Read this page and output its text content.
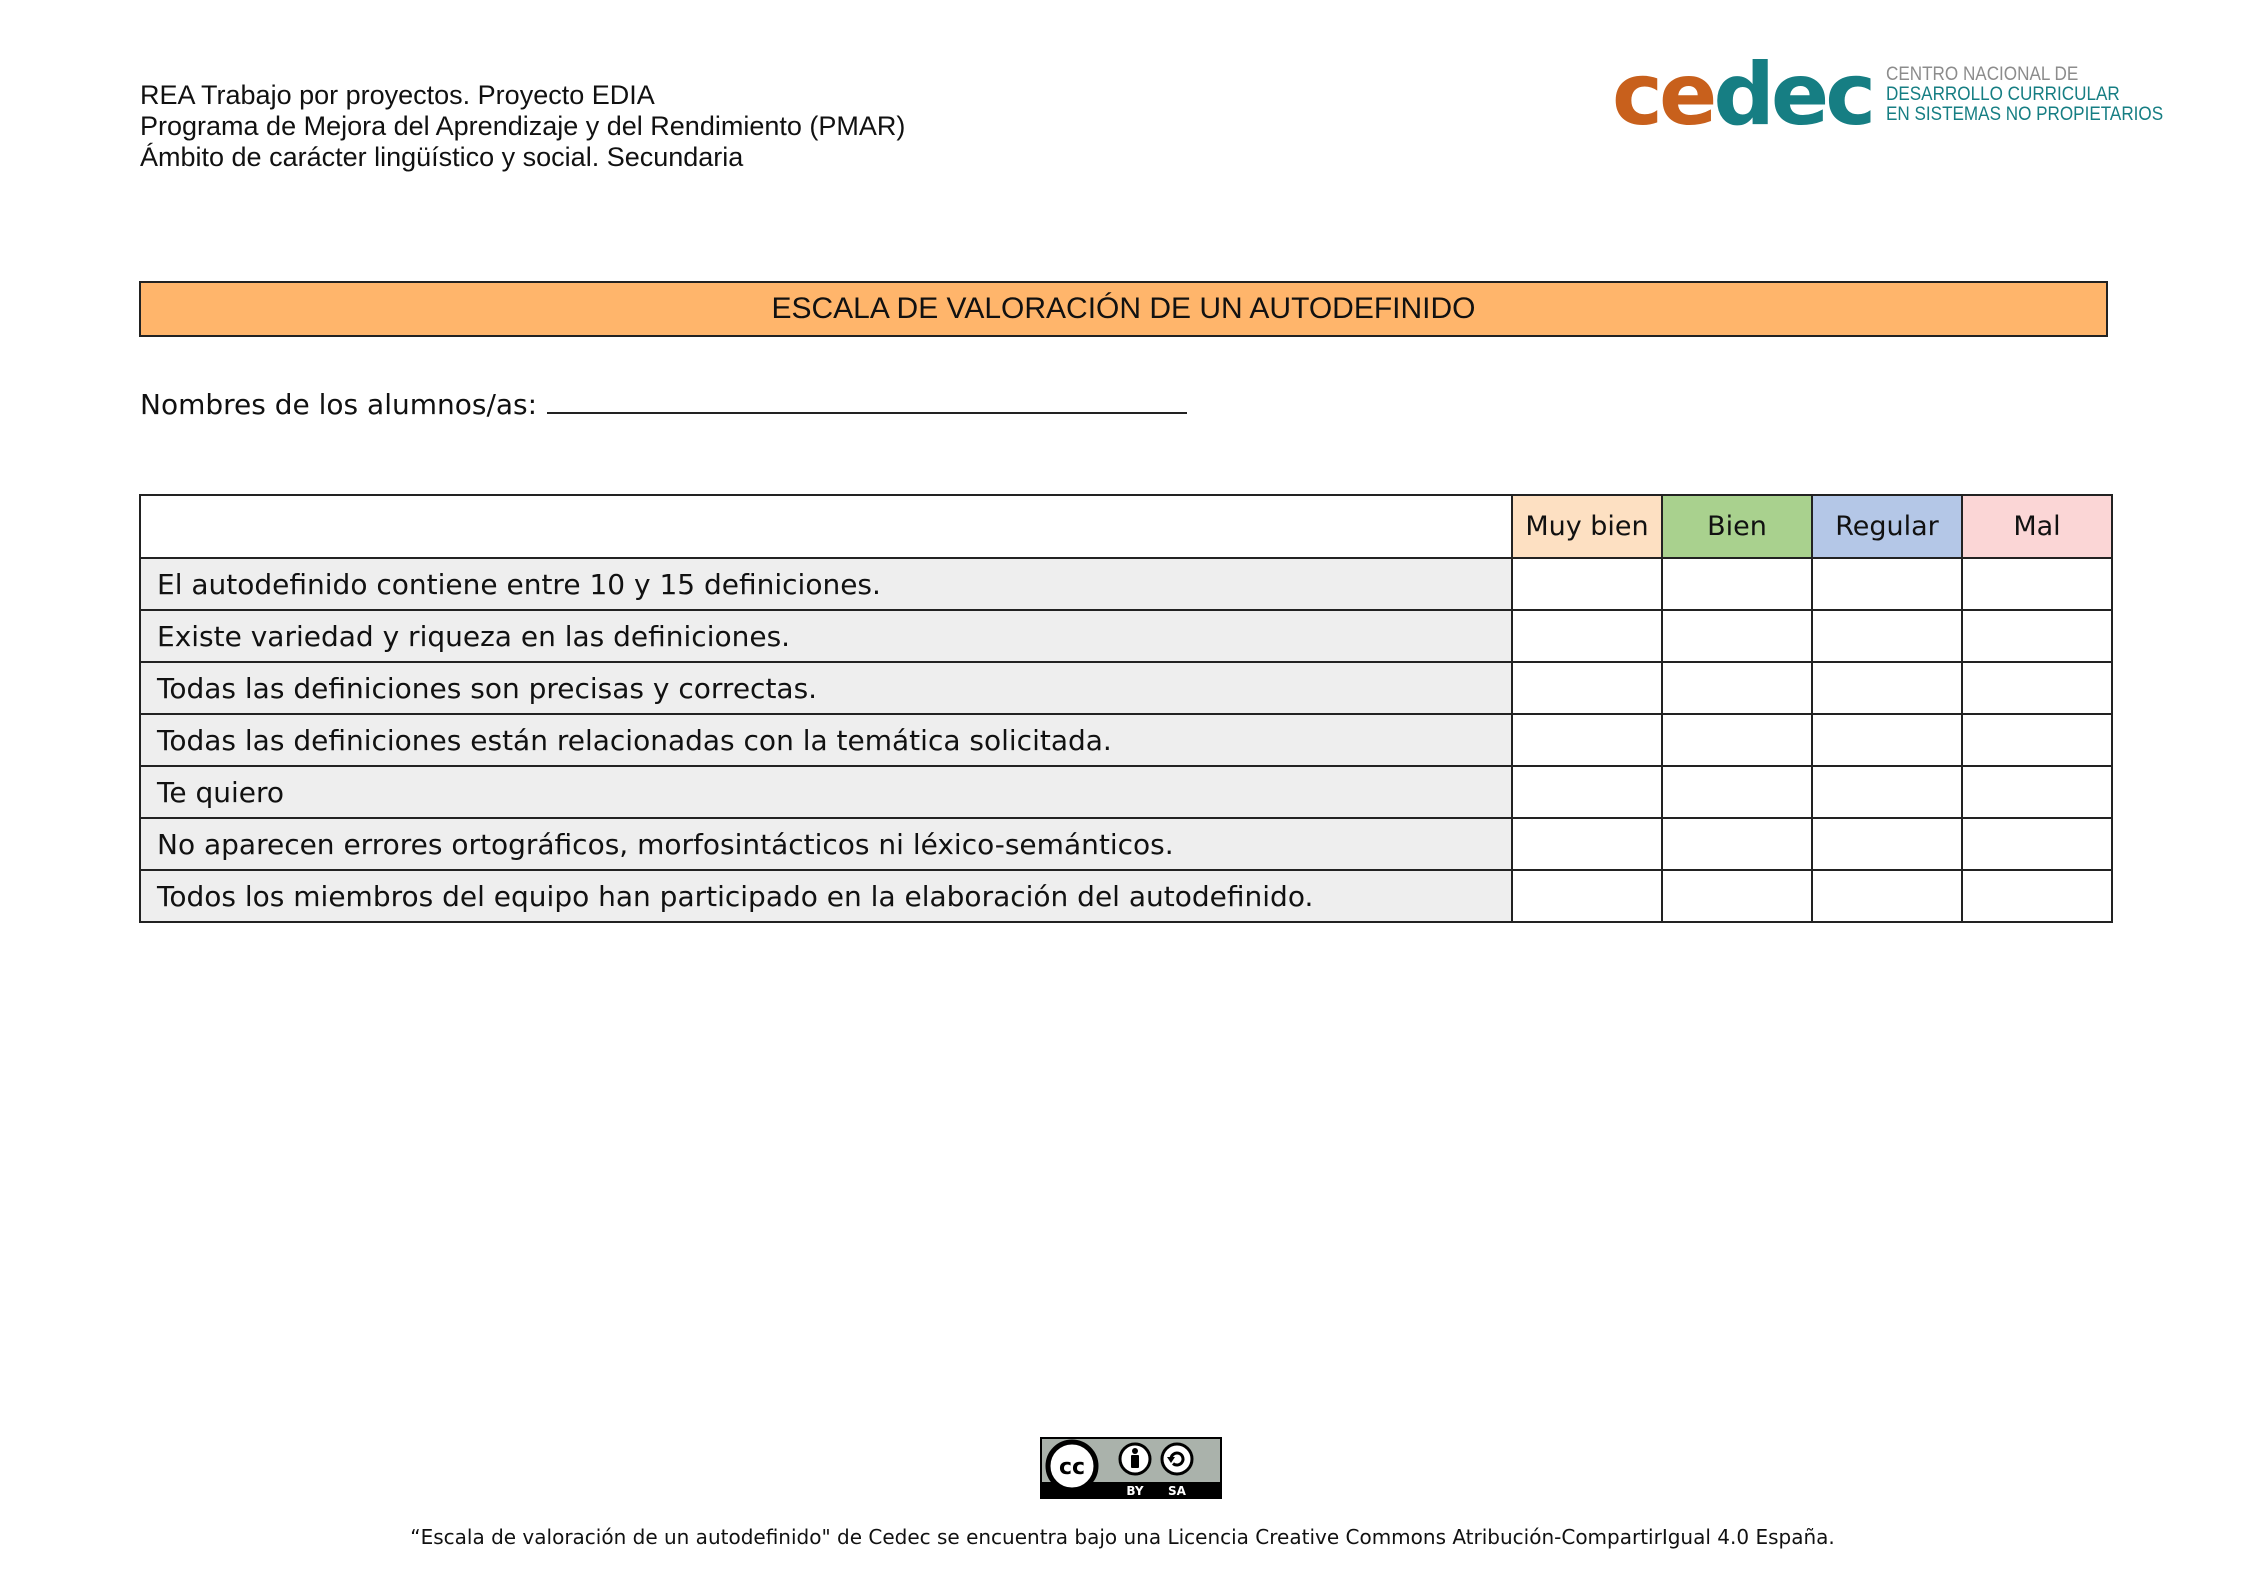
REA Trabajo por proyectos. Proyecto EDIA
Programa de Mejora del Aprendizaje y del Rendimiento (PMAR)
Ámbito de carácter lingüístico y social. Secundaria
cedec CENTRO NACIONAL DE
DESARROLLO CURRICULAR
EN SISTEMAS NO PROPIETARIOS
ESCALA DE VALORACIÓN DE UN AUTODEFINIDO
Nombres de los alumnos/as:
	Muy bien	Bien	Regular	Mal
El autodefinido contiene entre 10 y 15 definiciones.				
Existe variedad y riqueza en las definiciones.				
Todas las definiciones son precisas y correctas.				
Todas las definiciones están relacionadas con la temática solicitada.				
Te quiero				
No aparecen errores ortográficos, morfosintácticos ni léxico-semánticos.				
Todos los miembros del equipo han participado en la elaboración del autodefinido.				
cc
BY SA
“Escala de valoración de un autodefinido" de Cedec se encuentra bajo una Licencia Creative Commons Atribución-CompartirIgual 4.0 España.
